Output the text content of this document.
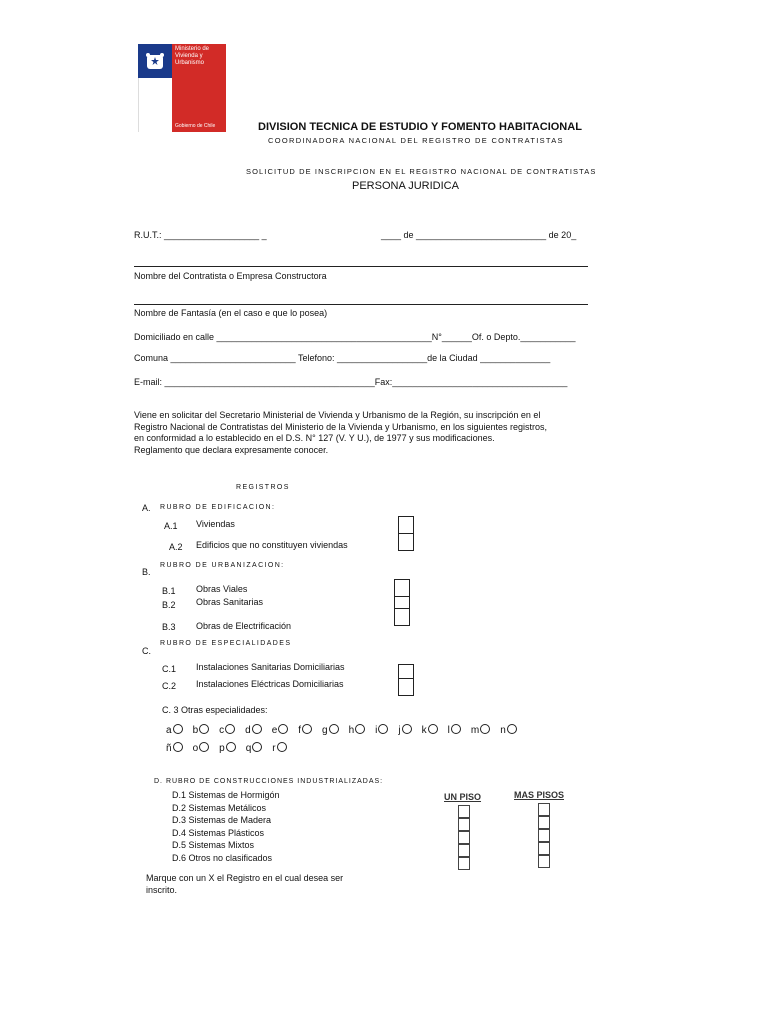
Ministerio de
Vivienda y
Urbanismo
Gobierno de Chile	DIVISION TECNICA DE ESTUDIO Y FOMENTO HABITACIONAL
COORDINADORA NACIONAL DEL REGISTRO DE CONTRATISTAS
SOLICITUD DE INSCRIPCION EN EL REGISTRO NACIONAL DE CONTRATISTAS
PERSONA JURIDICA
R.U.T.: ___________________ _	____ de __________________________ de 20_
Nombre del Contratista o Empresa Constructora
Nombre de Fantasía (en el caso e que lo posea)
Domiciliado en calle ___________________________________________N°______Of. o Depto.___________
Comuna _________________________ Telefono: __________________de la Ciudad ______________
E-mail: __________________________________________Fax:___________________________________
Viene en solicitar del Secretario Ministerial de Vivienda y Urbanismo de la Región, su inscripción en el
Registro Nacional de Contratistas del Ministerio de la Vivienda y Urbanismo, en los siguientes registros,
en conformidad a lo establecido en el D.S. N° 127 (V. Y U.), de 1977 y sus modificaciones.
Reglamento que declara expresamente conocer.
REGISTROS
A. RUBRO DE EDIFICACION:
A.1 Viviendas
A.2 Edificios que no constituyen viviendas
RUBRO DE URBANIZACION:
B.
B.1 Obras Viales
B.2 Obras Sanitarias
B.3 Obras de Electrificación
RUBRO DE ESPECIALIDADES
C.
C.1 Instalaciones Sanitarias Domiciliarias
C.2 Instalaciones Eléctricas Domiciliarias
C. 3 Otras especialidades:
a b c d e f g h i j k l m n
ñ o p q r
D. RUBRO DE CONSTRUCCIONES INDUSTRIALIZADAS:
D.1 Sistemas de Hormigón
D.2 Sistemas Metálicos
D.3 Sistemas de Madera
D.4 Sistemas Plásticos
D.5 Sistemas Mixtos
D.6 Otros no clasificados
UN PISO	MAS PISOS
Marque con un X el Registro en el cual desea ser
inscrito.
